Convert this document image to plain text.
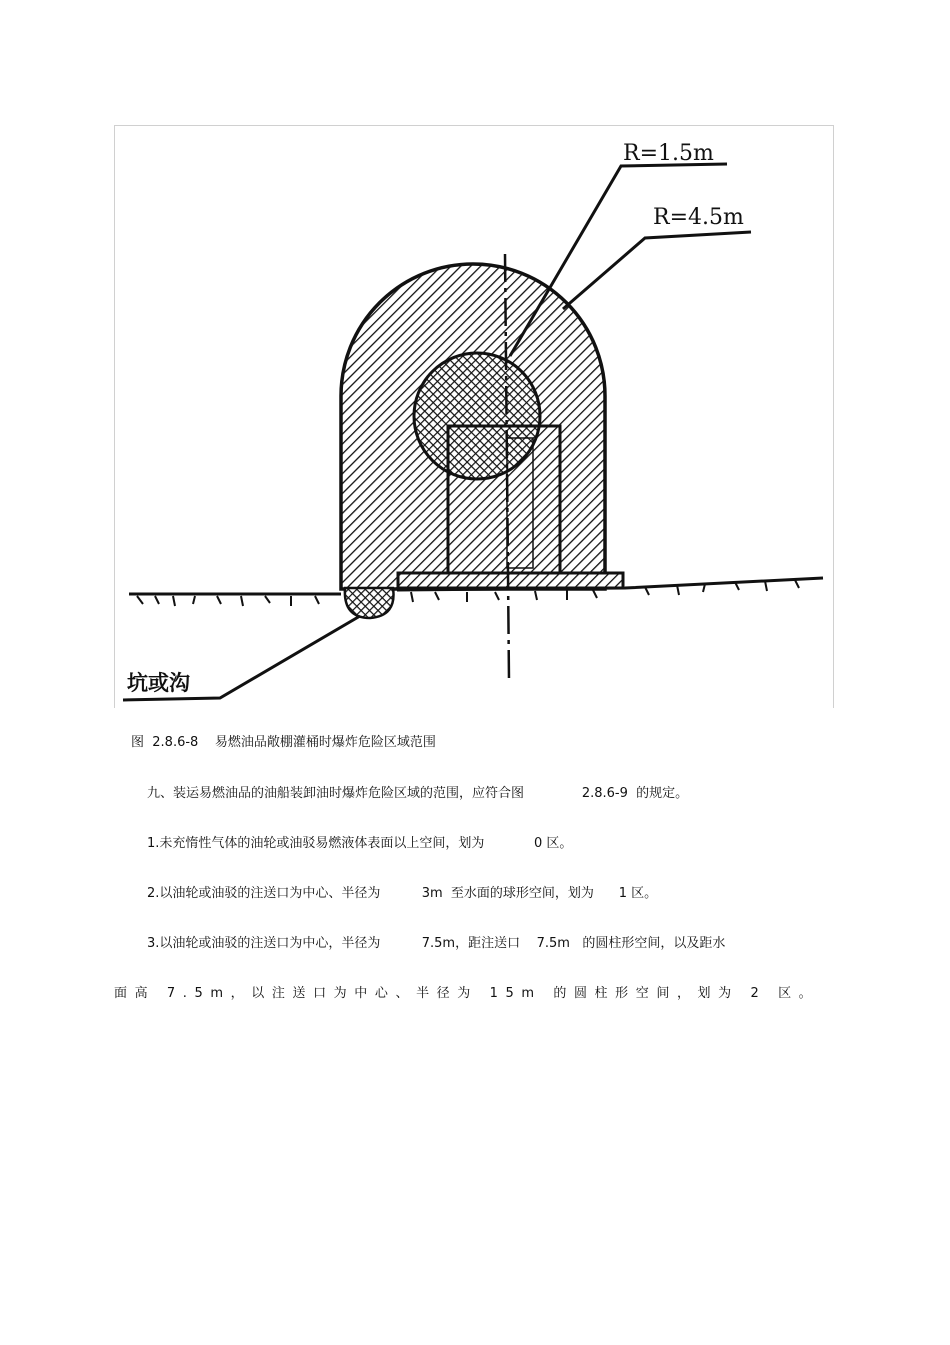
R=1.5m
R=4.5m
坑或沟
图  2.8.6-8    易燃油品敞棚灌桶时爆炸危险区域范围
九、装运易燃油品的油船装卸油时爆炸危险区域的范围，应符合图              2.8.6-9  的规定。
1.未充惰性气体的油轮或油驳易燃液体表面以上空间，划为            0 区。
2.以油轮或油驳的注送口为中心、半径为          3m  至水面的球形空间，划为      1 区。
3.以油轮或油驳的注送口为中心，半径为          7.5m，距注送口    7.5m   的圆柱形空间，以及距水
面高 7.5m，以注送口为中心、半径为 15m 的圆柱形空间，划为 2 区。
